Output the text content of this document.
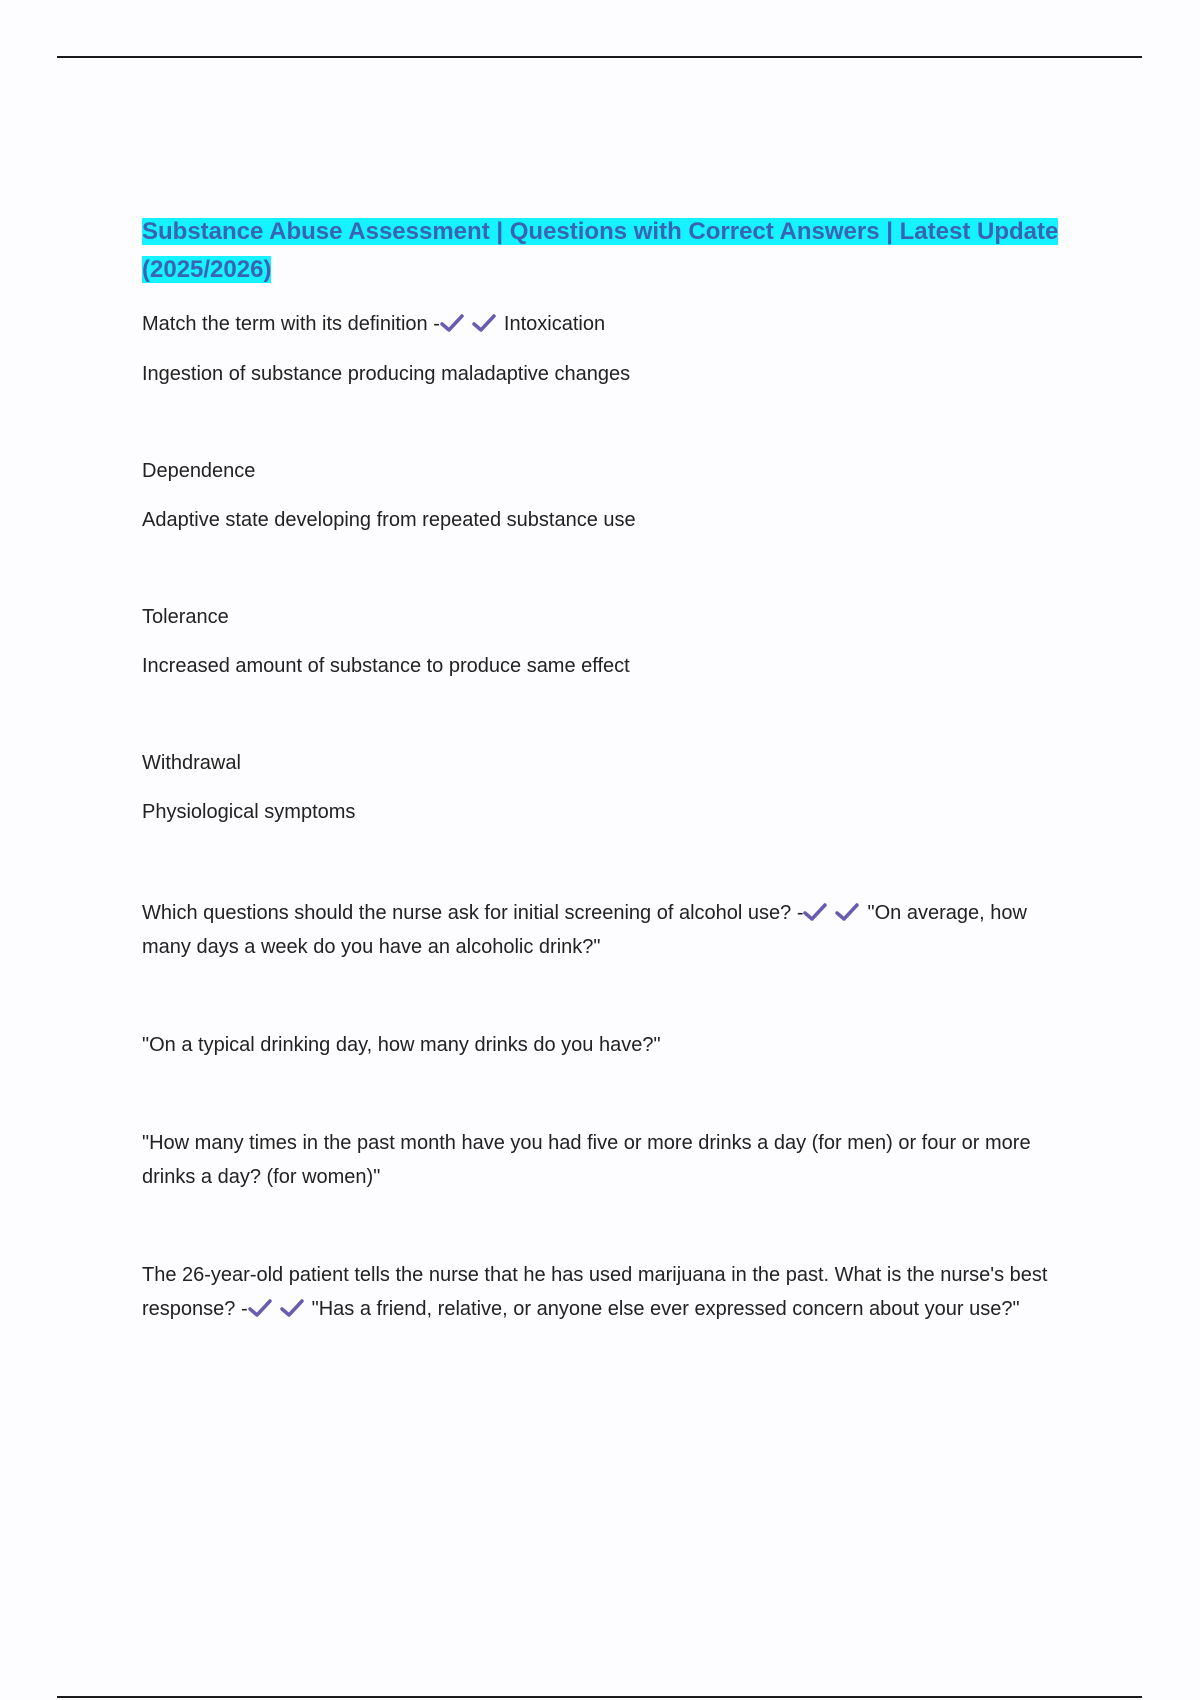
Substance Abuse Assessment | Questions with Correct Answers | Latest Update (2025/2026)

Match the term with its definition -	Intoxication

Ingestion of substance producing maladaptive changes

Dependence

Adaptive state developing from repeated substance use

Tolerance

Increased amount of substance to produce same effect

Withdrawal

Physiological symptoms

Which questions should the nurse ask for initial screening of alcohol use? -	"On average, how many days a week do you have an alcoholic drink?"

"On a typical drinking day, how many drinks do you have?"

"How many times in the past month have you had five or more drinks a day (for men) or four or more drinks a day? (for women)"

The 26-year-old patient tells the nurse that he has used marijuana in the past. What is the nurse's best response? -	"Has a friend, relative, or anyone else ever expressed concern about your use?"
